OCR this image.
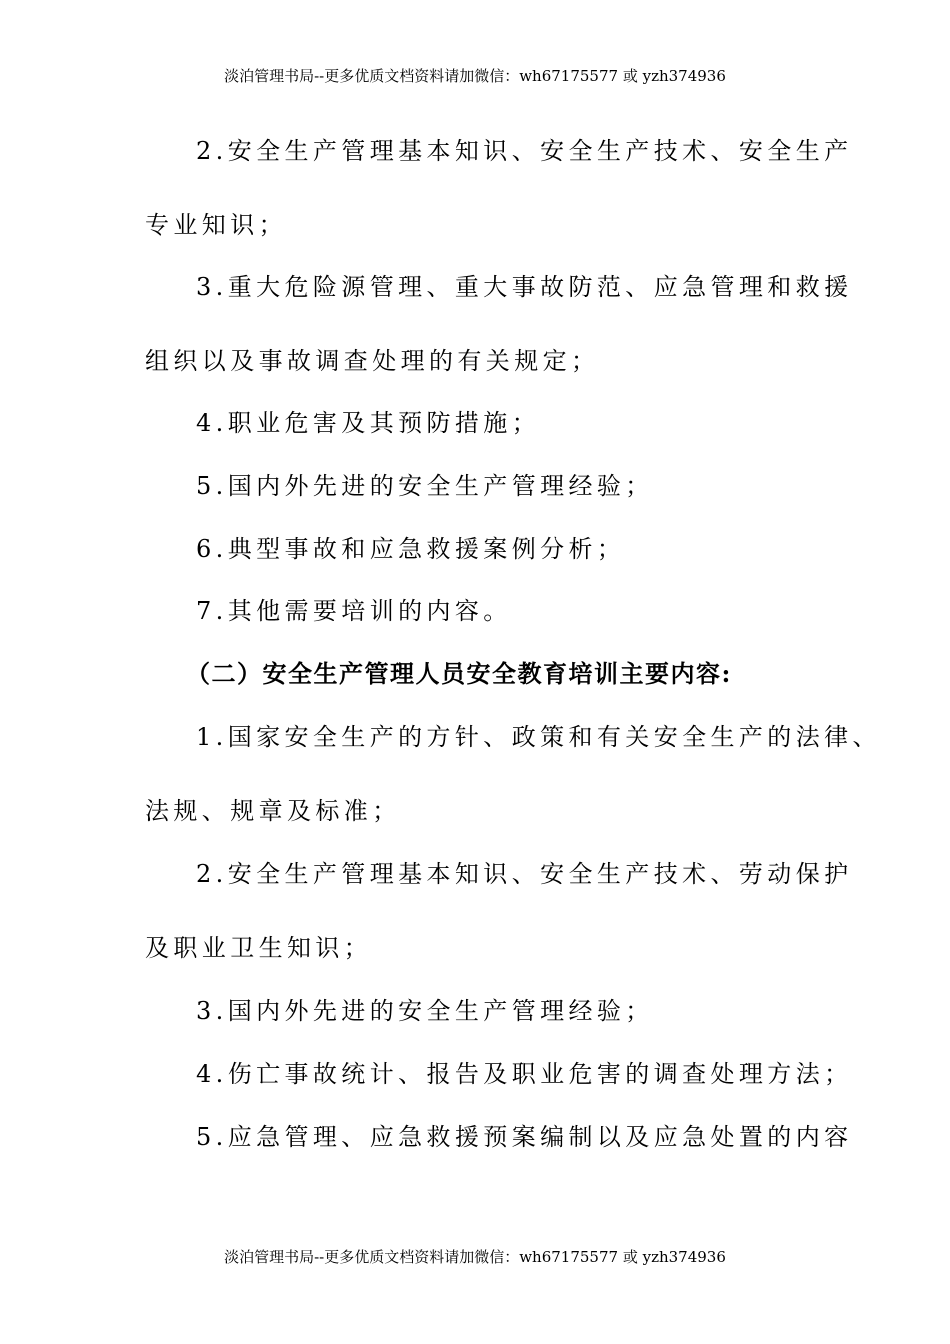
淡泊管理书局--更多优质文档资料请加微信：wh67175577 或 yzh374936
2.安全生产管理基本知识、安全生产技术、安全生产
专业知识；
3.重大危险源管理、重大事故防范、应急管理和救援
组织以及事故调查处理的有关规定；
4.职业危害及其预防措施；
5.国内外先进的安全生产管理经验；
6.典型事故和应急救援案例分析；
7.其他需要培训的内容。
（二）安全生产管理人员安全教育培训主要内容:
1.国家安全生产的方针、政策和有关安全生产的法律、
法规、规章及标准；
2.安全生产管理基本知识、安全生产技术、劳动保护
及职业卫生知识；
3.国内外先进的安全生产管理经验；
4.伤亡事故统计、报告及职业危害的调查处理方法；
5.应急管理、应急救援预案编制以及应急处置的内容
淡泊管理书局--更多优质文档资料请加微信：wh67175577 或 yzh374936
